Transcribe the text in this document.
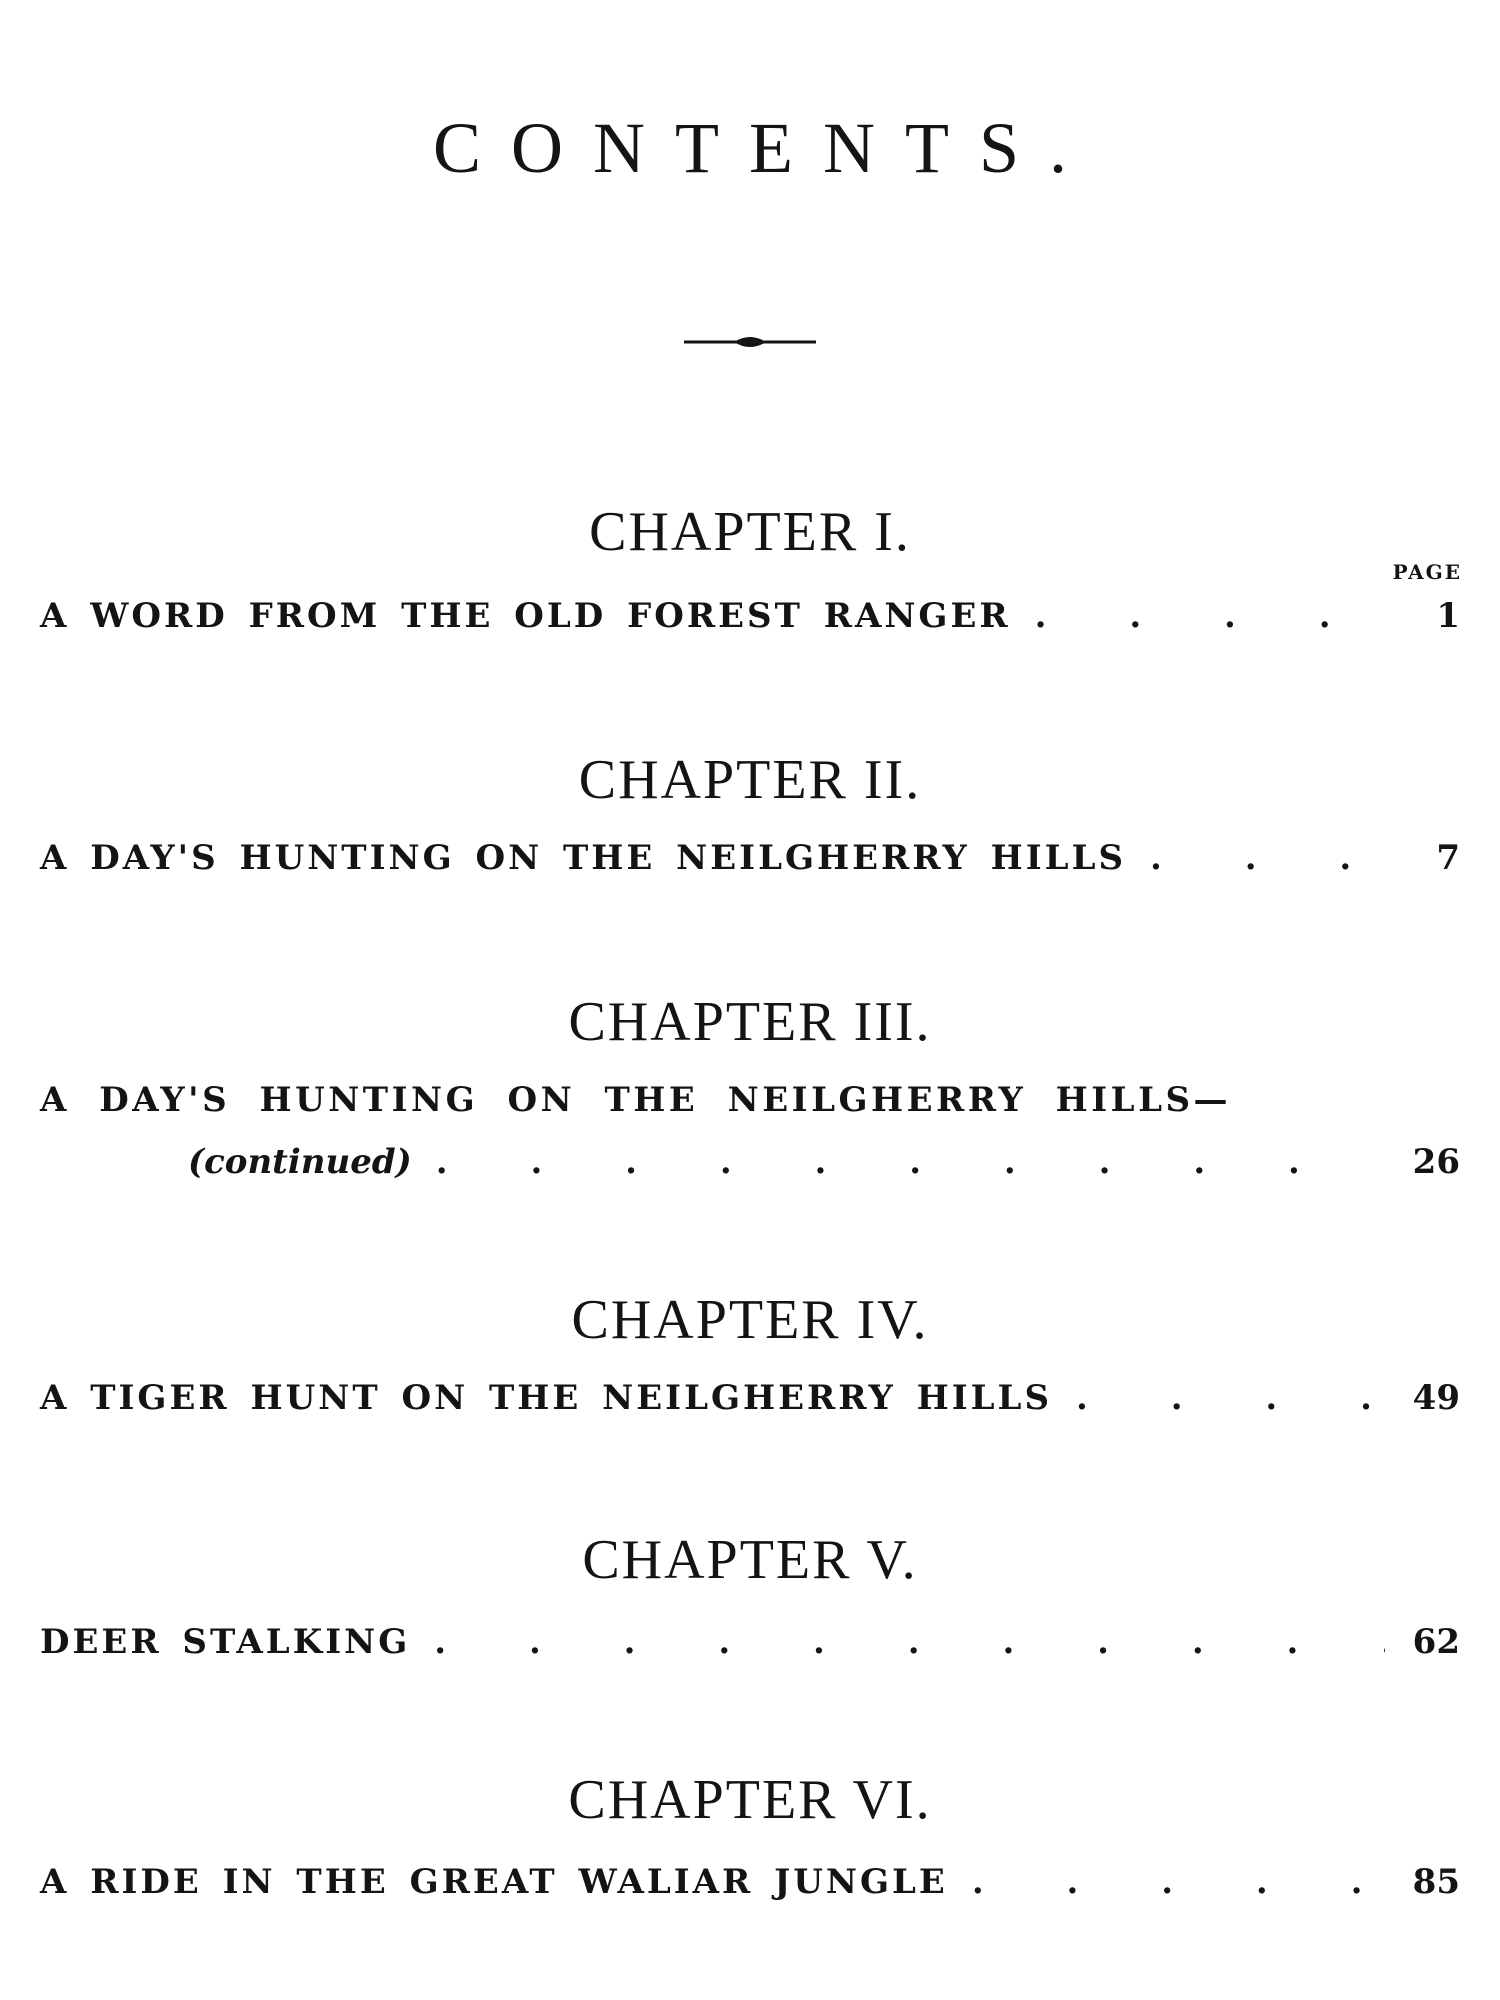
CONTENTS.
PAGE
CHAPTER I.
A WORD FROM THE OLD FOREST RANGER .	1
CHAPTER II.
A DAY'S HUNTING ON THE NEILGHERRY HILLS .	7
CHAPTER III.
A DAY'S HUNTING ON THE NEILGHERRY HILLS—
(continued) .	26
CHAPTER IV.
A TIGER HUNT ON THE NEILGHERRY HILLS .	49
CHAPTER V.
DEER STALKING .	62
CHAPTER VI.
A RIDE IN THE GREAT WALIAR JUNGLE .	85
